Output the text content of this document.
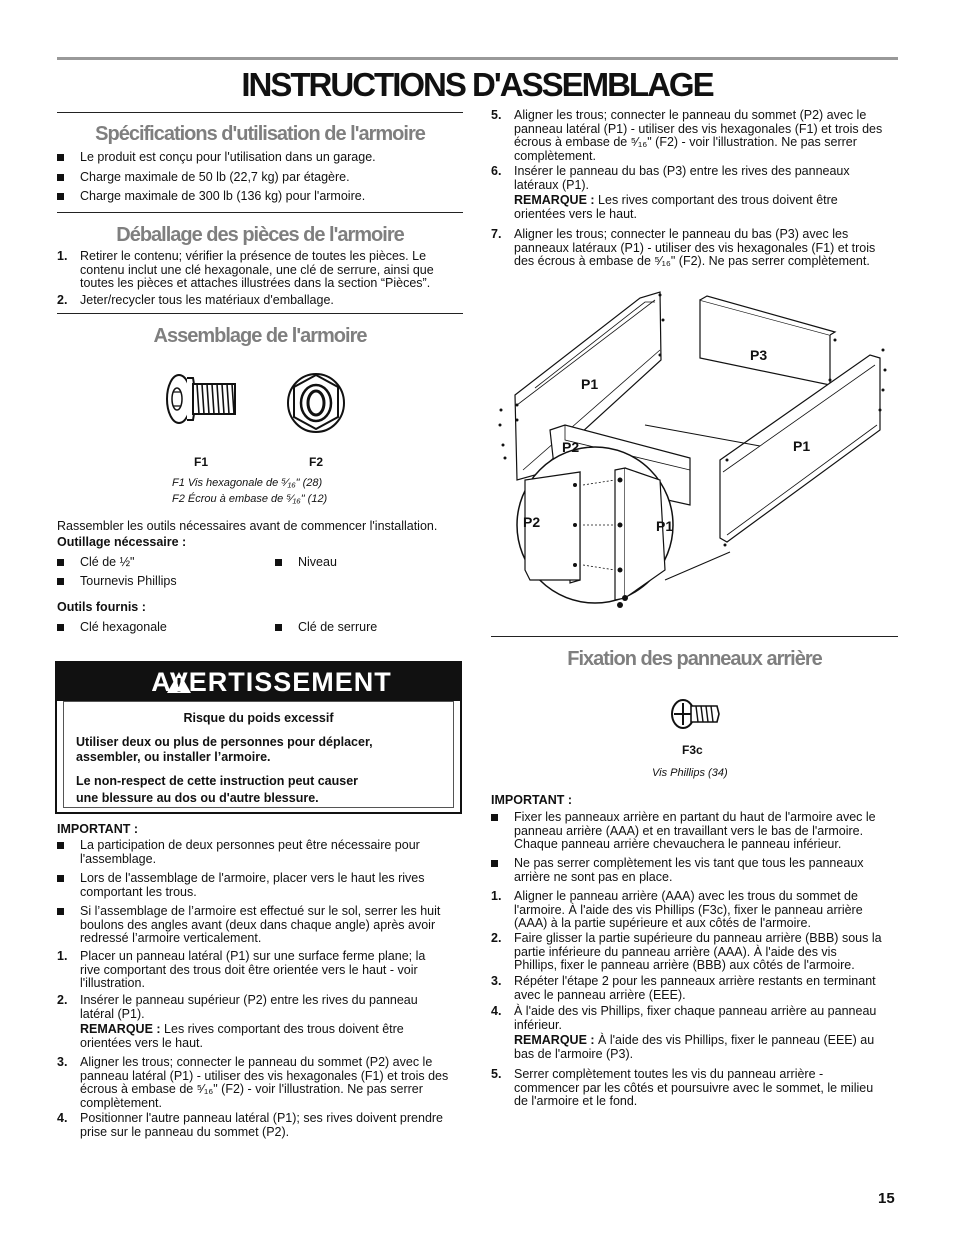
INSTRUCTIONS D'ASSEMBLAGE
Spécifications d'utilisation de l'armoire
Le produit est conçu pour l'utilisation dans un garage.
Charge maximale de 50 lb (22,7 kg) par étagère.
Charge maximale de 300 lb (136 kg) pour l'armoire.
Déballage des pièces de l'armoire
1. Retirer le contenu; vérifier la présence de toutes les pièces. Le
contenu inclut une clé hexagonale, une clé de serrure, ainsi que
toutes les pièces et attaches illustrées dans la section “Pièces”.
2. Jeter/recycler tous les matériaux d'emballage.
Assemblage de l'armoire
F1	F2
F1 Vis hexagonale de ⁵⁄₁₆" (28)
F2 Écrou à embase de ⁵⁄₁₆" (12)
Rassembler les outils nécessaires avant de commencer l'installation.
Outillage nécessaire :
Clé de ½"	Niveau
Tournevis Phillips
Outils fournis :
Clé hexagonale	Clé de serrure
AVERTISSEMENT
Risque du poids excessif
Utiliser deux ou plus de personnes pour déplacer,
assembler, ou installer l’armoire.
Le non-respect de cette instruction peut causer
une blessure au dos ou d'autre blessure.
IMPORTANT :
La participation de deux personnes peut être nécessaire pour
l'assemblage.
Lors de l'assemblage de l'armoire, placer vers le haut les rives
comportant les trous.
Si l’assemblage de l’armoire est effectué sur le sol, serrer les huit
boulons des angles avant (deux dans chaque angle) après avoir
redressé l’armoire verticalement.
1. Placer un panneau latéral (P1) sur une surface ferme plane; la
rive comportant des trous doit être orientée vers le haut - voir
l'illustration.
2. Insérer le panneau supérieur (P2) entre les rives du panneau
latéral (P1).
REMARQUE : Les rives comportant des trous doivent être
orientées vers le haut.
3. Aligner les trous; connecter le panneau du sommet (P2) avec le
panneau latéral (P1) - utiliser des vis hexagonales (F1) et trois des
écrous à embase de ⁵⁄₁₆" (F2) - voir l'illustration. Ne pas serrer
complètement.
4. Positionner l'autre panneau latéral (P1); ses rives doivent prendre
prise sur le panneau du sommet (P2).
5. Aligner les trous; connecter le panneau du sommet (P2) avec le
panneau latéral (P1) - utiliser des vis hexagonales (F1) et trois des
écrous à embase de ⁵⁄₁₆" (F2) - voir l'illustration. Ne pas serrer
complètement.
6. Insérer le panneau du bas (P3) entre les rives des panneaux
latéraux (P1).
REMARQUE : Les rives comportant des trous doivent être
orientées vers le haut.
7. Aligner les trous; connecter le panneau du bas (P3) avec les
panneaux latéraux (P1) - utiliser des vis hexagonales (F1) et trois
des écrous à embase de ⁵⁄₁₆" (F2). Ne pas serrer complètement.
P1
P3
P2	P1
P2	P1
Fixation des panneaux arrière
F3c
Vis Phillips (34)
IMPORTANT :
Fixer les panneaux arrière en partant du haut de l'armoire avec le
panneau arrière (AAA) et en travaillant vers le bas de l'armoire.
Chaque panneau arrière chevauchera le panneau inférieur.
Ne pas serrer complètement les vis tant que tous les panneaux
arrière ne sont pas en place.
1. Aligner le panneau arrière (AAA) avec les trous du sommet de
l'armoire. À l'aide des vis Phillips (F3c), fixer le panneau arrière
(AAA) à la partie supérieure et aux côtés de l'armoire.
2. Faire glisser la partie supérieure du panneau arrière (BBB) sous la
partie inférieure du panneau arrière (AAA). À l'aide des vis
Phillips, fixer le panneau arrière (BBB) aux côtés de l'armoire.
3. Répéter l'étape 2 pour les panneaux arrière restants en terminant
avec le panneau arrière (EEE).
4. À l'aide des vis Phillips, fixer chaque panneau arrière au panneau
inférieur.
REMARQUE : À l'aide des vis Phillips, fixer le panneau (EEE) au
bas de l'armoire (P3).
5. Serrer complètement toutes les vis du panneau arrière -
commencer par les côtés et poursuivre avec le sommet, le milieu
de l'armoire et le fond.
15
